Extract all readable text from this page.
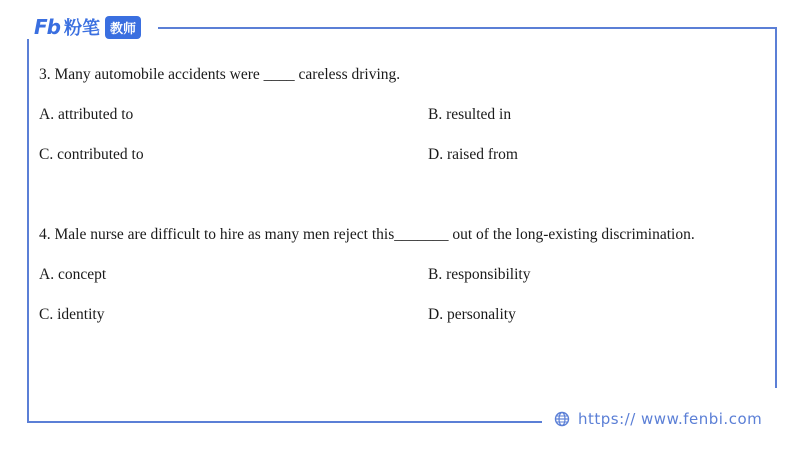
Fb 粉笔 教师
3. Many automobile accidents were ____ careless driving.
A. attributed to	B. resulted in
C. contributed to	D. raised from
4. Male nurse are difficult to hire as many men reject this_______ out of the long-existing discrimination.
A. concept	B. responsibility
C. identity	D. personality
https:// www.fenbi.com
